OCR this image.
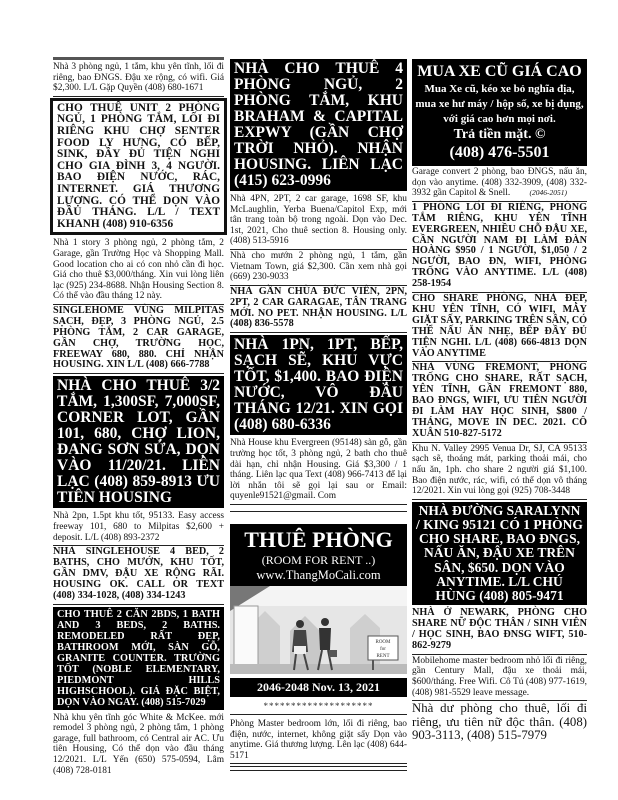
Nhà 3 phòng ngủ, 1 tắm, khu yên tĩnh, lối đi riêng, bao ĐNGS. Đậu xe rộng, có wifi. Giá $2,300. L/L Gặp Quyền (408) 680-1671
CHO THUÊ UNIT 2 PHÒNG NGỦ, 1 PHÒNG TẮM, LỐI ĐI RIÊNG KHU CHỢ SENTER FOOD LY HƯNG, CÓ BẾP, SINK, ĐẦY ĐỦ TIỆN NGHI CHO GIA ĐÌNH 3, 4 NGƯỜI. BAO ĐIỆN NƯỚC, RÁC, INTERNET. GIÁ THƯƠNG LƯỢNG. CÓ THỂ DỌN VÀO ĐẦU THÁNG. L/L / TEXT KHANH (408) 910-6356
Nhà 1 story 3 phòng ngủ, 2 phòng tắm, 2 Garage, gần Trường Học và Shopping Mall. Good location cho ai có con nhỏ cần đi học. Giá cho thuê $3,000/tháng. Xin vui lòng liên lạc (925) 234-8688. Nhận Housing Section 8. Có thể vào đầu tháng 12 này.
SINGLEHOME VÙNG MILPITAS SẠCH, ĐẸP, 3 PHÒNG NGỦ, 2.5 PHÒNG TẮM, 2 CAR GARAGE, GẦN CHỢ, TRƯỜNG HỌC, FREEWAY 680, 880. CHỈ NHẬN HOUSING. XIN L/L (408) 666-7788
NHÀ CHO THUÊ 3/2 TẮM, 1,300SF, 7,000SF, CORNER LOT, GẦN 101, 680, CHỢ LION, ĐANG SƠN SỬA, DỌN VÀO 11/20/21. LIÊN LẠC (408) 859-8913 ƯU TIÊN HOUSING
Nhà 2pn, 1.5pt khu tốt, 95133. Easy access freeway 101, 680 to Milpitas $2,600 + deposit. L/L (408) 893-2372
NHÀ SINGLEHOUSE 4 BED, 2 BATHS, CHO MƯỚN, KHU TỐT, GẦN DMV, ĐẬU XE RỘNG RÃI. HOUSING OK. CALL OR TEXT (408) 334-1028, (408) 334-1243
CHO THUÊ 2 CĂN 2BDS, 1 BATH AND 3 BEDS, 2 BATHS. REMODELED RẤT ĐẸP, BATHROOM MỚI, SÀN GỖ, GRANITE COUNTER. TRƯỜNG TỐT (NOBLE ELEMENTARY, PIEDMONT HILLS HIGHSCHOOL). GIÁ ĐẶC BIỆT, DỌN VÀO NGAY. (408) 515-7029
Nhà khu yên tĩnh góc White & McKee. mới remodel 3 phòng ngủ, 2 phòng tắm, 1 phòng garage, full bathroom, có Central air AC. Ưu tiên Housing, Có thể dọn vào đầu tháng 12/2021. L/L Yến (650) 575-0594, Lâm (408) 728-0181
NHÀ CHO THUÊ 4 PHÒNG NGỦ, 2 PHÒNG TẮM, KHU BRAHAM & CAPITAL EXPWY (GẦN CHỢ TRỜI NHỎ). NHẬN HOUSING. LIÊN LẠC (415) 623-0996
Nhà 4PN, 2PT, 2 car garage, 1698 SF, khu McLaughlin, Yerba Buena/Capitol Exp, mới tân trang toàn bộ trong ngoài. Dọn vào Dec. 1st, 2021, Cho thuê section 8. Housing only. (408) 513-5916
Nhà cho mướn 2 phòng ngủ, 1 tắm, gần Vietnam Town, giá $2,300. Cần xem nhà gọi (669) 230-9033
NHÀ GẦN CHÙA ĐỨC VIÊN, 2PN, 2PT, 2 CAR GARAGAE, TÂN TRANG MỚI. NO PET. NHẬN HOUSING. L/L (408) 836-5578
NHÀ 1PN, 1PT, BẾP, SẠCH SẼ, KHU VỰC TỐT, $1,400. BAO ĐIỆN NƯỚC, VÔ ĐẦU THÁNG 12/21. XIN GỌI (408) 680-6336
Nhà House khu Evergreen (95148) sàn gỗ, gần trường học tốt, 3 phòng ngủ, 2 bath cho thuê dài hạn, chỉ nhận Housing. Giá $3,300 / 1 tháng. Liên lạc qua Text (408) 966-7413 để lại lời nhắn tôi sẽ gọi lại sau or Email: quyenle91521@gmail. Com
THUÊ PHÒNG
(ROOM FOR RENT ..)
www.ThangMoCali.com
ROOM
for
RENT
2046-2048 Nov. 13, 2021
********************
Phòng Master bedroom lớn, lối đi riêng, bao điện, nước, internet, không giặt sấy Dọn vào anytime. Giá thương lượng. Lên lạc (408) 644-5171
MUA XE CŨ GIÁ CAO
Mua Xe cũ, kéo xe bỏ nghĩa địa, mua xe hư máy / hộp số, xe bị đụng, với giá cao hơn mọi nơi.
Trả tiền mặt. ©
(408) 476-5501
Garage convert 2 phòng, bao ĐNGS, nấu ăn, dọn vào anytime. (408) 332-3909, (408) 332-3932 gần Capitol & Snell.	(2046-2051)
1 PHÒNG LỐI ĐI RIÊNG, PHÒNG TẮM RIÊNG, KHU YÊN TĨNH EVERGREEN, NHIỀU CHỖ ĐẬU XE, CẦN NGƯỜI NAM ĐI LÀM ĐÀN HOÀNG $950 / 1 NGƯỜI, $1,050 / 2 NGƯỜI, BAO ĐN, WIFI, PHÒNG TRỐNG VÀO ANYTIME. L/L (408) 258-1954
CHO SHARE PHÒNG, NHÀ ĐẸP, KHU YÊN TĨNH, CÓ WIFI, MÁY GIẶT SẤY, PARKING TRÊN SÂN, CÓ THỂ NẤU ĂN NHẸ, BẾP ĐẦY ĐỦ TIỆN NGHI. L/L (408) 666-4813 DỌN VÀO ANYTIME
NHÀ VÙNG FREMONT, PHÒNG TRỐNG CHO SHARE, RẤT SẠCH, YÊN TĨNH, GẦN FREMONT 880, BAO ĐNGS, WIFI, ƯU TIÊN NGƯỜI ĐI LÀM HAY HỌC SINH, $800 / THÁNG, MOVE IN DEC. 2021. CÔ XUÂN 510-827-5172
Khu N. Valley 2995 Venua Dr, SJ, CA 95133 sạch sẽ, thoáng mát, parking thoải mái, cho nấu ăn, 1ph. cho share 2 người giá $1,100. Bao điện nước, rác, wifi, có thể dọn vô tháng 12/2021. Xin vui lòng gọi (925) 708-3448
NHÀ ĐƯỜNG SARALYNN / KING 95121 CÓ 1 PHÒNG CHO SHARE, BAO ĐNGS, NẤU ĂN, ĐẬU XE TRÊN SÂN, $650. DỌN VÀO ANYTIME. L/L CHÚ HÙNG (408) 805-9471
NHÀ Ở NEWARK, PHÒNG CHO SHARE NỮ ĐỘC THÂN / SINH VIÊN / HỌC SINH, BAO ĐNSG WIFT, 510-862-9279
Mobilehome master bedroom nhỏ lối đi riêng, gần Century Mall, đậu xe thoải mái, $600/tháng. Free Wifi. Cô Tú (408) 977-1619, (408) 981-5529 leave message.
Nhà dư phòng cho thuê, lối đi riêng, ưu tiên nữ độc thân. (408) 903-3113, (408) 515-7979
